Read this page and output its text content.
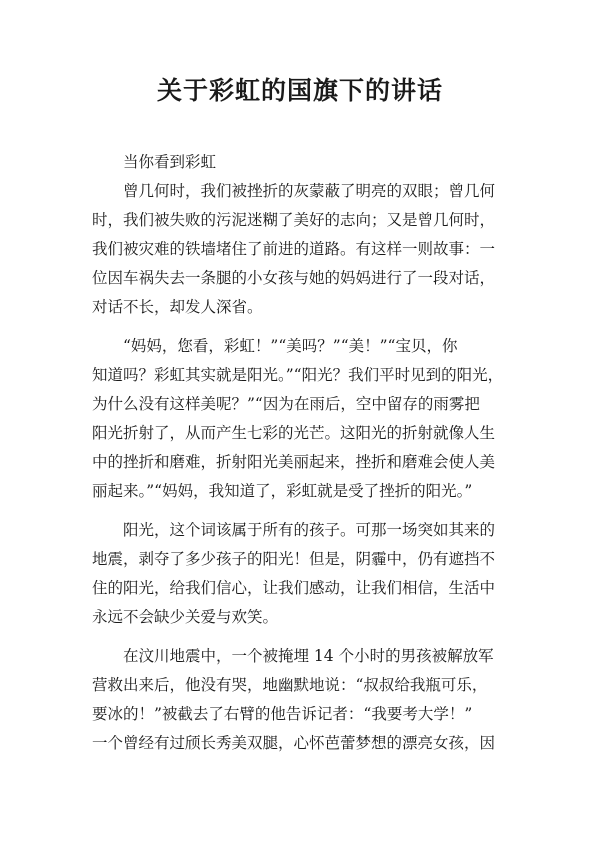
关于彩虹的国旗下的讲话
当你看到彩虹
曾几何时，我们被挫折的灰蒙蔽了明亮的双眼；曾几何
时，我们被失败的污泥迷糊了美好的志向；又是曾几何时，
我们被灾难的铁墙堵住了前进的道路。有这样一则故事：一
位因车祸失去一条腿的小女孩与她的妈妈进行了一段对话，
对话不长，却发人深省。
“妈妈，您看，彩虹！”“美吗？”“美！”“宝贝，你
知道吗？彩虹其实就是阳光。”“阳光？我们平时见到的阳光，
为什么没有这样美呢？”“因为在雨后，空中留存的雨雾把
阳光折射了，从而产生七彩的光芒。这阳光的折射就像人生
中的挫折和磨难，折射阳光美丽起来，挫折和磨难会使人美
丽起来。”“妈妈，我知道了，彩虹就是受了挫折的阳光。”
阳光，这个词该属于所有的孩子。可那一场突如其来的
地震，剥夺了多少孩子的阳光！但是，阴霾中，仍有遮挡不
住的阳光，给我们信心，让我们感动，让我们相信，生活中
永远不会缺少关爱与欢笑。
在汶川地震中，一个被掩埋 14 个小时的男孩被解放军
营救出来后，他没有哭，地幽默地说：“叔叔给我瓶可乐，
要冰的！”被截去了右臂的他告诉记者：“我要考大学！”
一个曾经有过颀长秀美双腿，心怀芭蕾梦想的漂亮女孩，因
